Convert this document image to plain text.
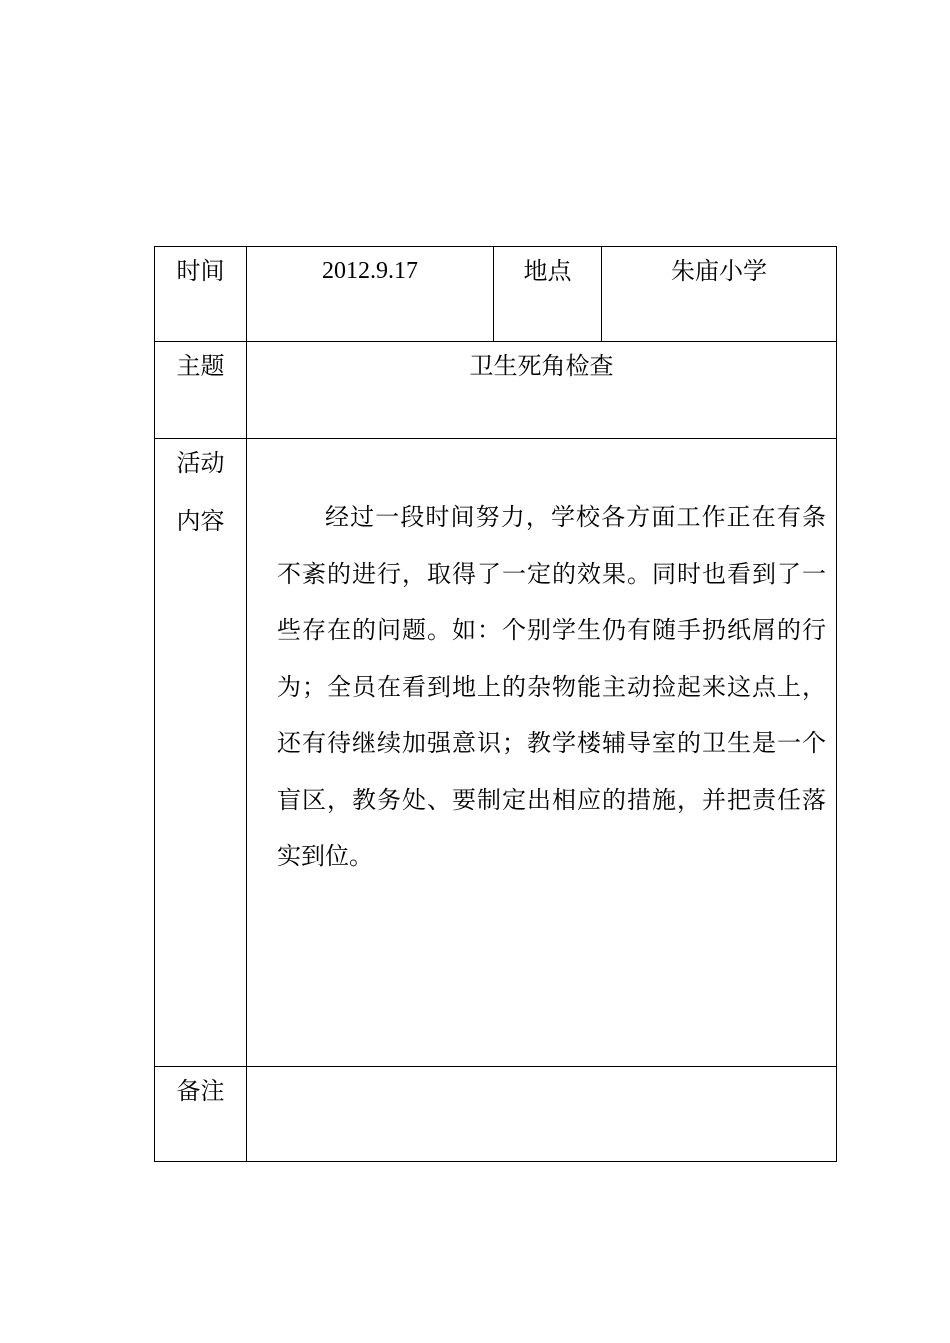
时间	2012.9.17	地点	朱庙小学
主题	卫生死角检查		

活动
内容	经过一段时间努力，学校各方面工作正在有条不紊的进行，取得了一定的效果。同时也看到了一些存在的问题。如：个别学生仍有随手扔纸屑的行为；全员在看到地上的杂物能主动捡起来这点上，还有待继续加强意识；教学楼辅导室的卫生是一个盲区，教务处、要制定出相应的措施，并把责任落实到位。		

备注			
